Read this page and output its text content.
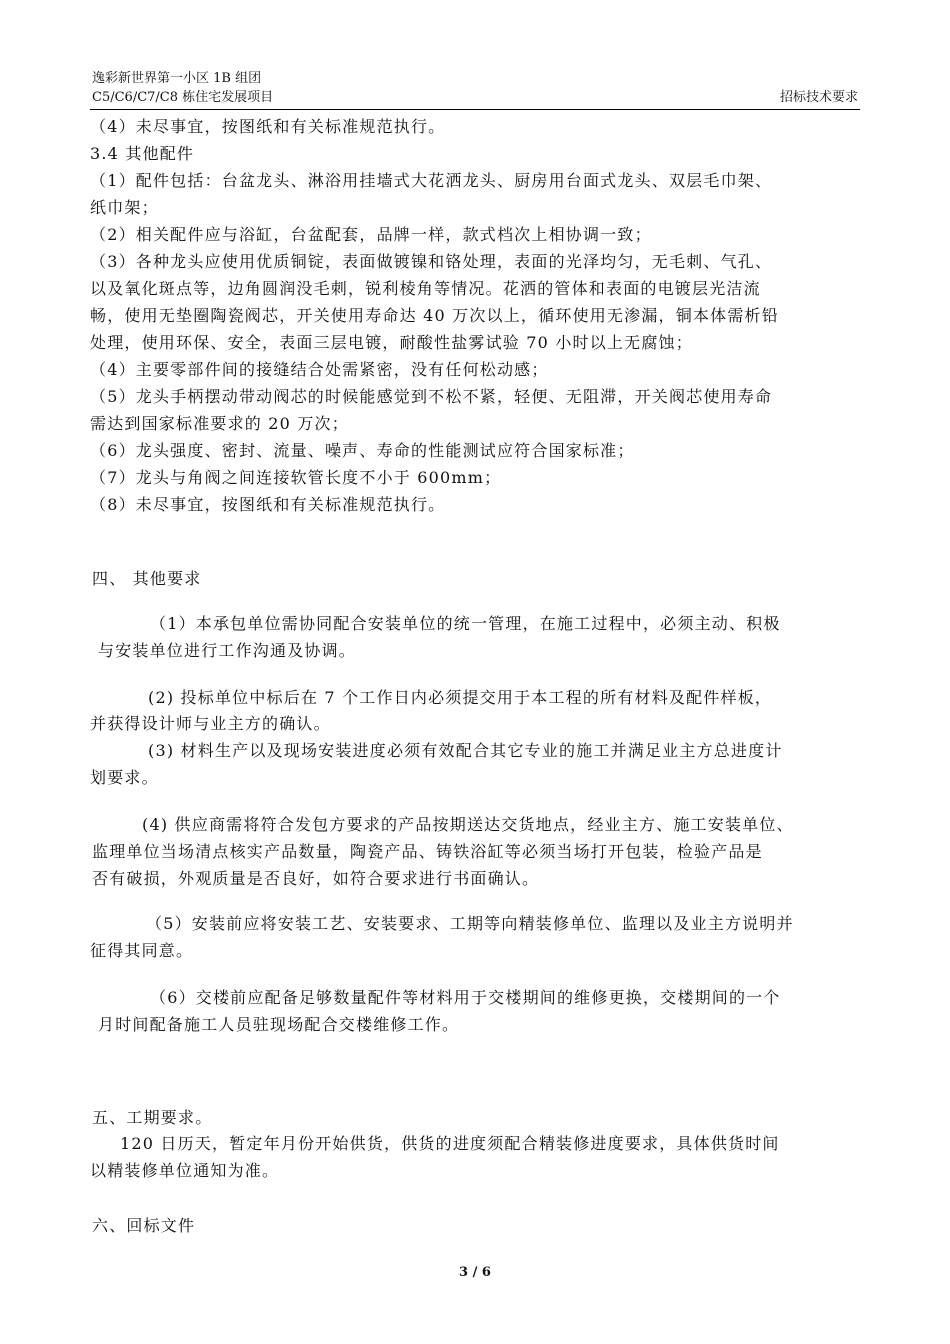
逸彩新世界第一小区 1B 组团
C5/C6/C7/C8 栋住宅发展项目	招标技术要求

（4）未尽事宜，按图纸和有关标准规范执行。

3.4 其他配件

（1）配件包括：台盆龙头、淋浴用挂墙式大花洒龙头、厨房用台面式龙头、双层毛巾架、

纸巾架；

（2）相关配件应与浴缸，台盆配套，品牌一样，款式档次上相协调一致；

（3）各种龙头应使用优质铜锭，表面做镀镍和铬处理，表面的光泽均匀，无毛刺、气孔、

以及氧化斑点等，边角圆润没毛刺，锐利棱角等情况。花洒的管体和表面的电镀层光洁流

畅，使用无垫圈陶瓷阀芯，开关使用寿命达 40 万次以上，循环使用无渗漏，铜本体需析铅

处理，使用环保、安全，表面三层电镀，耐酸性盐雾试验 70 小时以上无腐蚀；

（4）主要零部件间的接缝结合处需紧密，没有任何松动感；

（5）龙头手柄摆动带动阀芯的时候能感觉到不松不紧，轻便、无阻滞，开关阀芯使用寿命

需达到国家标准要求的 20 万次；

（6）龙头强度、密封、流量、噪声、寿命的性能测试应符合国家标准；

（7）龙头与角阀之间连接软管长度不小于 600mm；

（8）未尽事宜，按图纸和有关标准规范执行。

四、 其他要求

（1）本承包单位需协同配合安装单位的统一管理，在施工过程中，必须主动、积极

与安装单位进行工作沟通及协调。

(2) 投标单位中标后在 7 个工作日内必须提交用于本工程的所有材料及配件样板，

并获得设计师与业主方的确认。

(3) 材料生产以及现场安装进度必须有效配合其它专业的施工并满足业主方总进度计

划要求。

(4) 供应商需将符合发包方要求的产品按期送达交货地点，经业主方、施工安装单位、

监理单位当场清点核实产品数量，陶瓷产品、铸铁浴缸等必须当场打开包装，检验产品是

否有破损，外观质量是否良好，如符合要求进行书面确认。

（5）安装前应将安装工艺、安装要求、工期等向精装修单位、监理以及业主方说明并

征得其同意。

（6）交楼前应配备足够数量配件等材料用于交楼期间的维修更换，交楼期间的一个

月时间配备施工人员驻现场配合交楼维修工作。

五、工期要求。

120 日历天，暂定年月份开始供货，供货的进度须配合精装修进度要求，具体供货时间

以精装修单位通知为准。

六、回标文件

3 / 6
